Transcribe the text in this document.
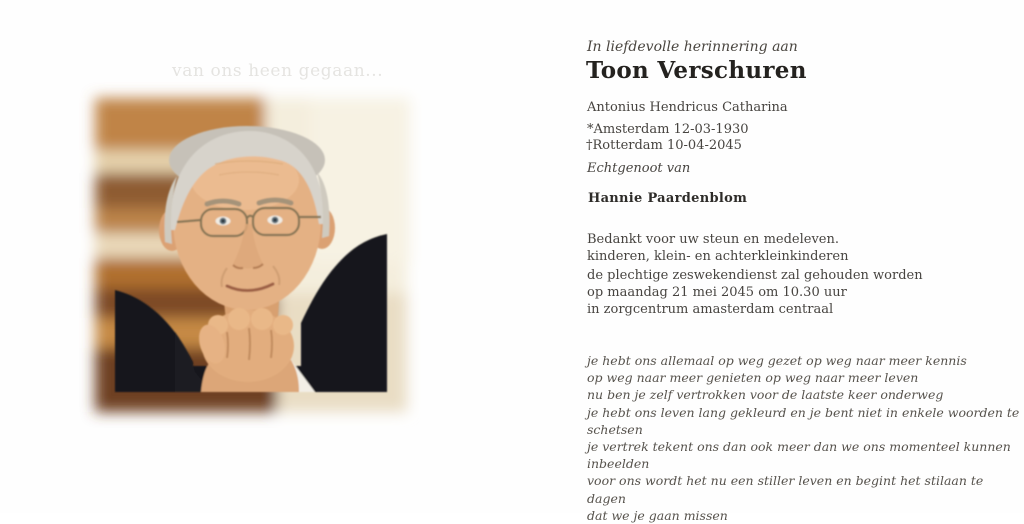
van ons heen gegaan...
In liefdevolle herinnering aan
Toon Verschuren
Antonius Hendricus Catharina
*Amsterdam 12-03-1930
†Rotterdam 10-04-2045
Echtgenoot van
Hannie Paardenblom
Bedankt voor uw steun en medeleven.
kinderen, klein- en achterkleinkinderen
de plechtige zeswekendienst zal gehouden worden
op maandag 21 mei 2045 om 10.30 uur
in zorgcentrum amasterdam centraal
je hebt ons allemaal op weg gezet op weg naar meer kennis
op weg naar meer genieten op weg naar meer leven
nu ben je zelf vertrokken voor de laatste keer onderweg
je hebt ons leven lang gekleurd en je bent niet in enkele woorden te schetsen
je vertrek tekent ons dan ook meer dan we ons momenteel kunnen inbeelden
voor ons wordt het nu een stiller leven en begint het stilaan te dagen
dat we je gaan missen
